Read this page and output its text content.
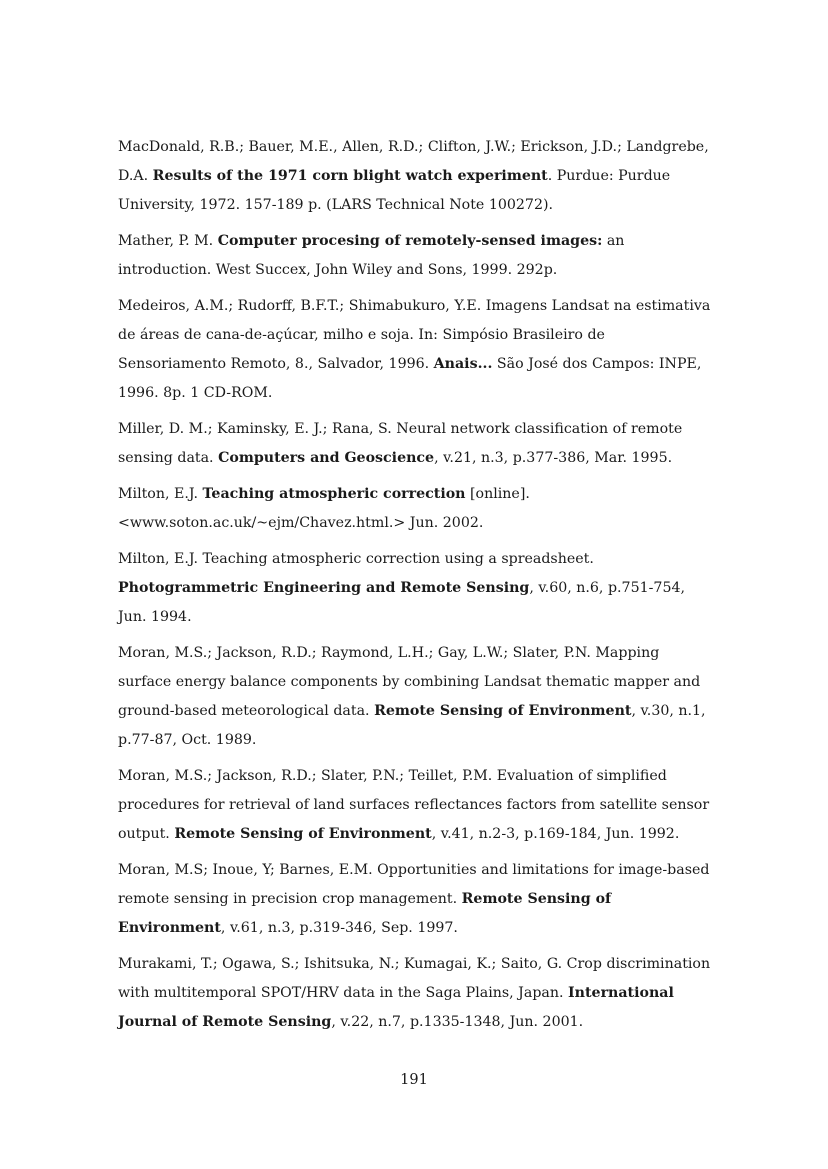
MacDonald, R.B.; Bauer, M.E., Allen, R.D.; Clifton, J.W.; Erickson, J.D.; Landgrebe, D.A. Results of the 1971 corn blight watch experiment. Purdue: Purdue University, 1972. 157-189 p. (LARS Technical Note 100272).

Mather, P. M. Computer procesing of remotely-sensed images: an introduction. West Succex, John Wiley and Sons, 1999. 292p.

Medeiros, A.M.; Rudorff, B.F.T.; Shimabukuro, Y.E. Imagens Landsat na estimativa de áreas de cana-de-açúcar, milho e soja. In: Simpósio Brasileiro de Sensoriamento Remoto, 8., Salvador, 1996. Anais... São José dos Campos: INPE, 1996. 8p. 1 CD-ROM.

Miller, D. M.; Kaminsky, E. J.; Rana, S. Neural network classification of remote sensing data. Computers and Geoscience, v.21, n.3, p.377-386, Mar. 1995.

Milton, E.J. Teaching atmospheric correction [online]. <www.soton.ac.uk/~ejm/Chavez.html.> Jun. 2002.

Milton, E.J. Teaching atmospheric correction using a spreadsheet. Photogrammetric Engineering and Remote Sensing, v.60, n.6, p.751-754, Jun. 1994.

Moran, M.S.; Jackson, R.D.; Raymond, L.H.; Gay, L.W.; Slater, P.N. Mapping surface energy balance components by combining Landsat thematic mapper and ground-based meteorological data. Remote Sensing of Environment, v.30, n.1, p.77-87, Oct. 1989.

Moran, M.S.; Jackson, R.D.; Slater, P.N.; Teillet, P.M. Evaluation of simplified procedures for retrieval of land surfaces reflectances factors from satellite sensor output. Remote Sensing of Environment, v.41, n.2-3, p.169-184, Jun. 1992.

Moran, M.S; Inoue, Y; Barnes, E.M. Opportunities and limitations for image-based remote sensing in precision crop management. Remote Sensing of Environment, v.61, n.3, p.319-346, Sep. 1997.

Murakami, T.; Ogawa, S.; Ishitsuka, N.; Kumagai, K.; Saito, G. Crop discrimination with multitemporal SPOT/HRV data in the Saga Plains, Japan. International Journal of Remote Sensing, v.22, n.7, p.1335-1348, Jun. 2001.

191
